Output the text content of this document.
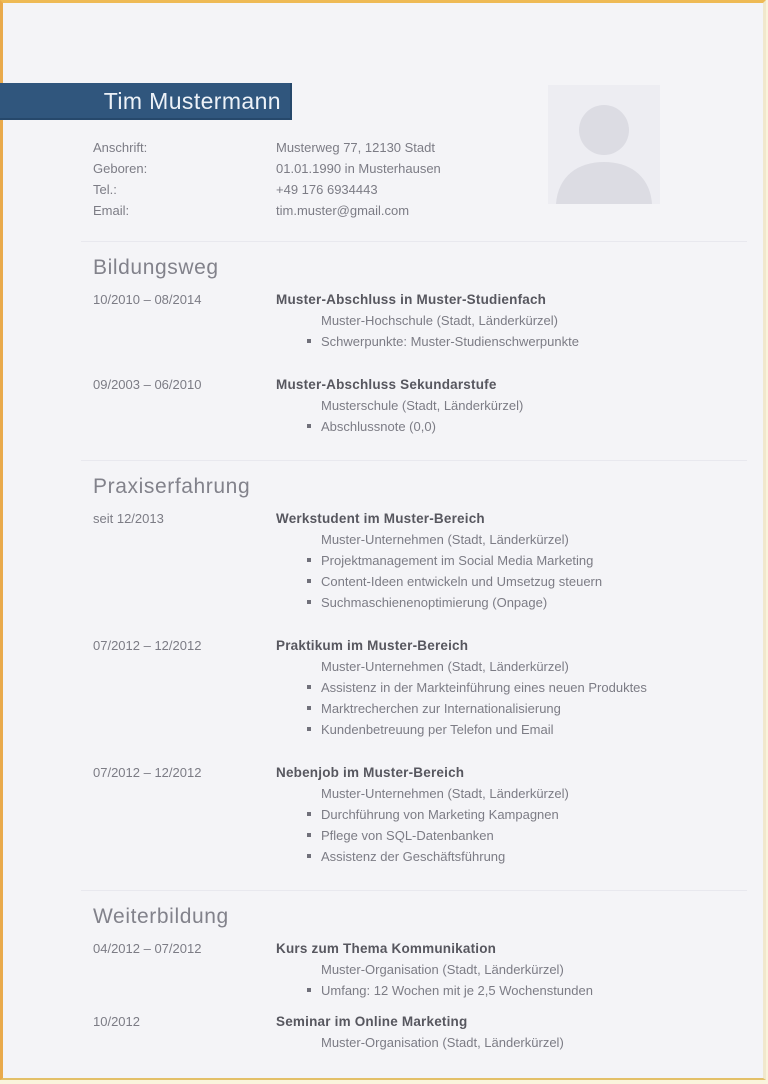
Tim Mustermann
Anschrift:	Musterweg 77, 12130 Stadt
Geboren:	01.01.1990 in Musterhausen
Tel.:	+49 176 6934443
Email:	tim.muster@gmail.com
Bildungsweg
10/2010 – 08/2014	Muster-Abschluss in Muster-Studienfach
Muster-Hochschule (Stadt, Länderkürzel)
Schwerpunkte: Muster-Studienschwerpunkte
09/2003 – 06/2010	Muster-Abschluss Sekundarstufe
Musterschule (Stadt, Länderkürzel)
Abschlussnote (0,0)
Praxiserfahrung
seit 12/2013	Werkstudent im Muster-Bereich
Muster-Unternehmen (Stadt, Länderkürzel)
Projektmanagement im Social Media Marketing
Content-Ideen entwickeln und Umsetzug steuern
Suchmaschienenoptimierung (Onpage)
07/2012 – 12/2012	Praktikum im Muster-Bereich
Muster-Unternehmen (Stadt, Länderkürzel)
Assistenz in der Markteinführung eines neuen Produktes
Marktrecherchen zur Internationalisierung
Kundenbetreuung per Telefon und Email
07/2012 – 12/2012	Nebenjob im Muster-Bereich
Muster-Unternehmen (Stadt, Länderkürzel)
Durchführung von Marketing Kampagnen
Pflege von SQL-Datenbanken
Assistenz der Geschäftsführung
Weiterbildung
04/2012 – 07/2012	Kurs zum Thema Kommunikation
Muster-Organisation (Stadt, Länderkürzel)
Umfang: 12 Wochen mit je 2,5 Wochenstunden
10/2012	Seminar im Online Marketing
Muster-Organisation (Stadt, Länderkürzel)
